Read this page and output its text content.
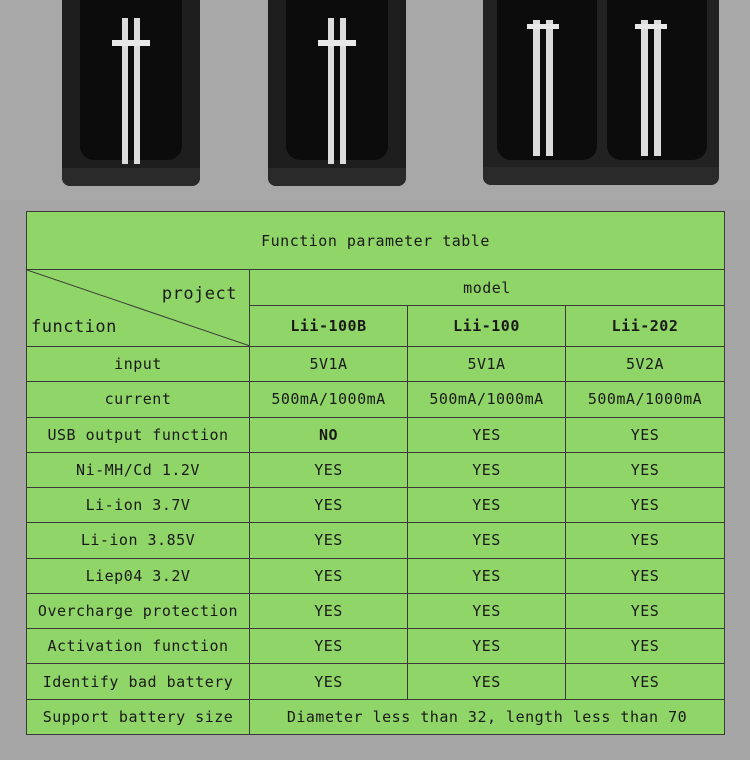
Function parameter table			

project
function	model		
	Lii-100B	Lii-100	Lii-202
input	5V1A	5V1A	5V2A
current	500mA/1000mA	500mA/1000mA	500mA/1000mA
USB output function	NO	YES	YES
Ni-MH/Cd 1.2V	YES	YES	YES
Li-ion 3.7V	YES	YES	YES
Li-ion 3.85V	YES	YES	YES
Liep04 3.2V	YES	YES	YES
Overcharge protection	YES	YES	YES
Activation function	YES	YES	YES
Identify bad battery	YES	YES	YES
Support battery size	Diameter less than 32, length less than 70		
